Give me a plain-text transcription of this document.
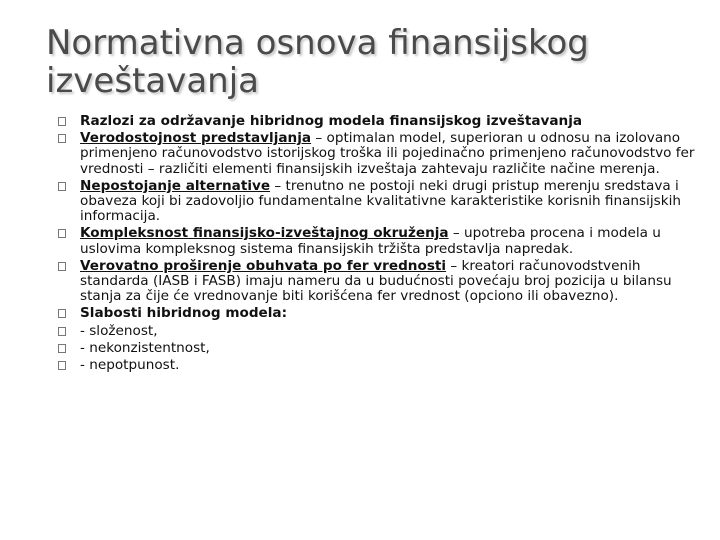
Normativna osnova finansijskog izveštavanja
Razlozi za održavanje hibridnog modela finansijskog izveštavanja
Verodostojnost predstavljanja – optimalan model, superioran u odnosu na izolovano primenjeno računovodstvo istorijskog troška ili pojedinačno primenjeno računovodstvo fer vrednosti – različiti elementi finansijskih izveštaja zahtevaju različite načine merenja.
Nepostojanje alternative – trenutno ne postoji neki drugi pristup merenju sredstava i obaveza koji bi zadovoljio fundamentalne kvalitativne karakteristike korisnih finansijskih informacija.
Kompleksnost finansijsko-izveštajnog okruženja – upotreba procena i modela u uslovima kompleksnog sistema finansijskih tržišta predstavlja napredak.
Verovatno proširenje obuhvata po fer vrednosti – kreatori računovodstvenih standarda (IASB i FASB) imaju nameru da u budućnosti povećaju broj pozicija u bilansu stanja za čije će vrednovanje biti korišćena fer vrednost (opciono ili obavezno).
Slabosti hibridnog modela:
- složenost,
- nekonzistentnost,
- nepotpunost.
